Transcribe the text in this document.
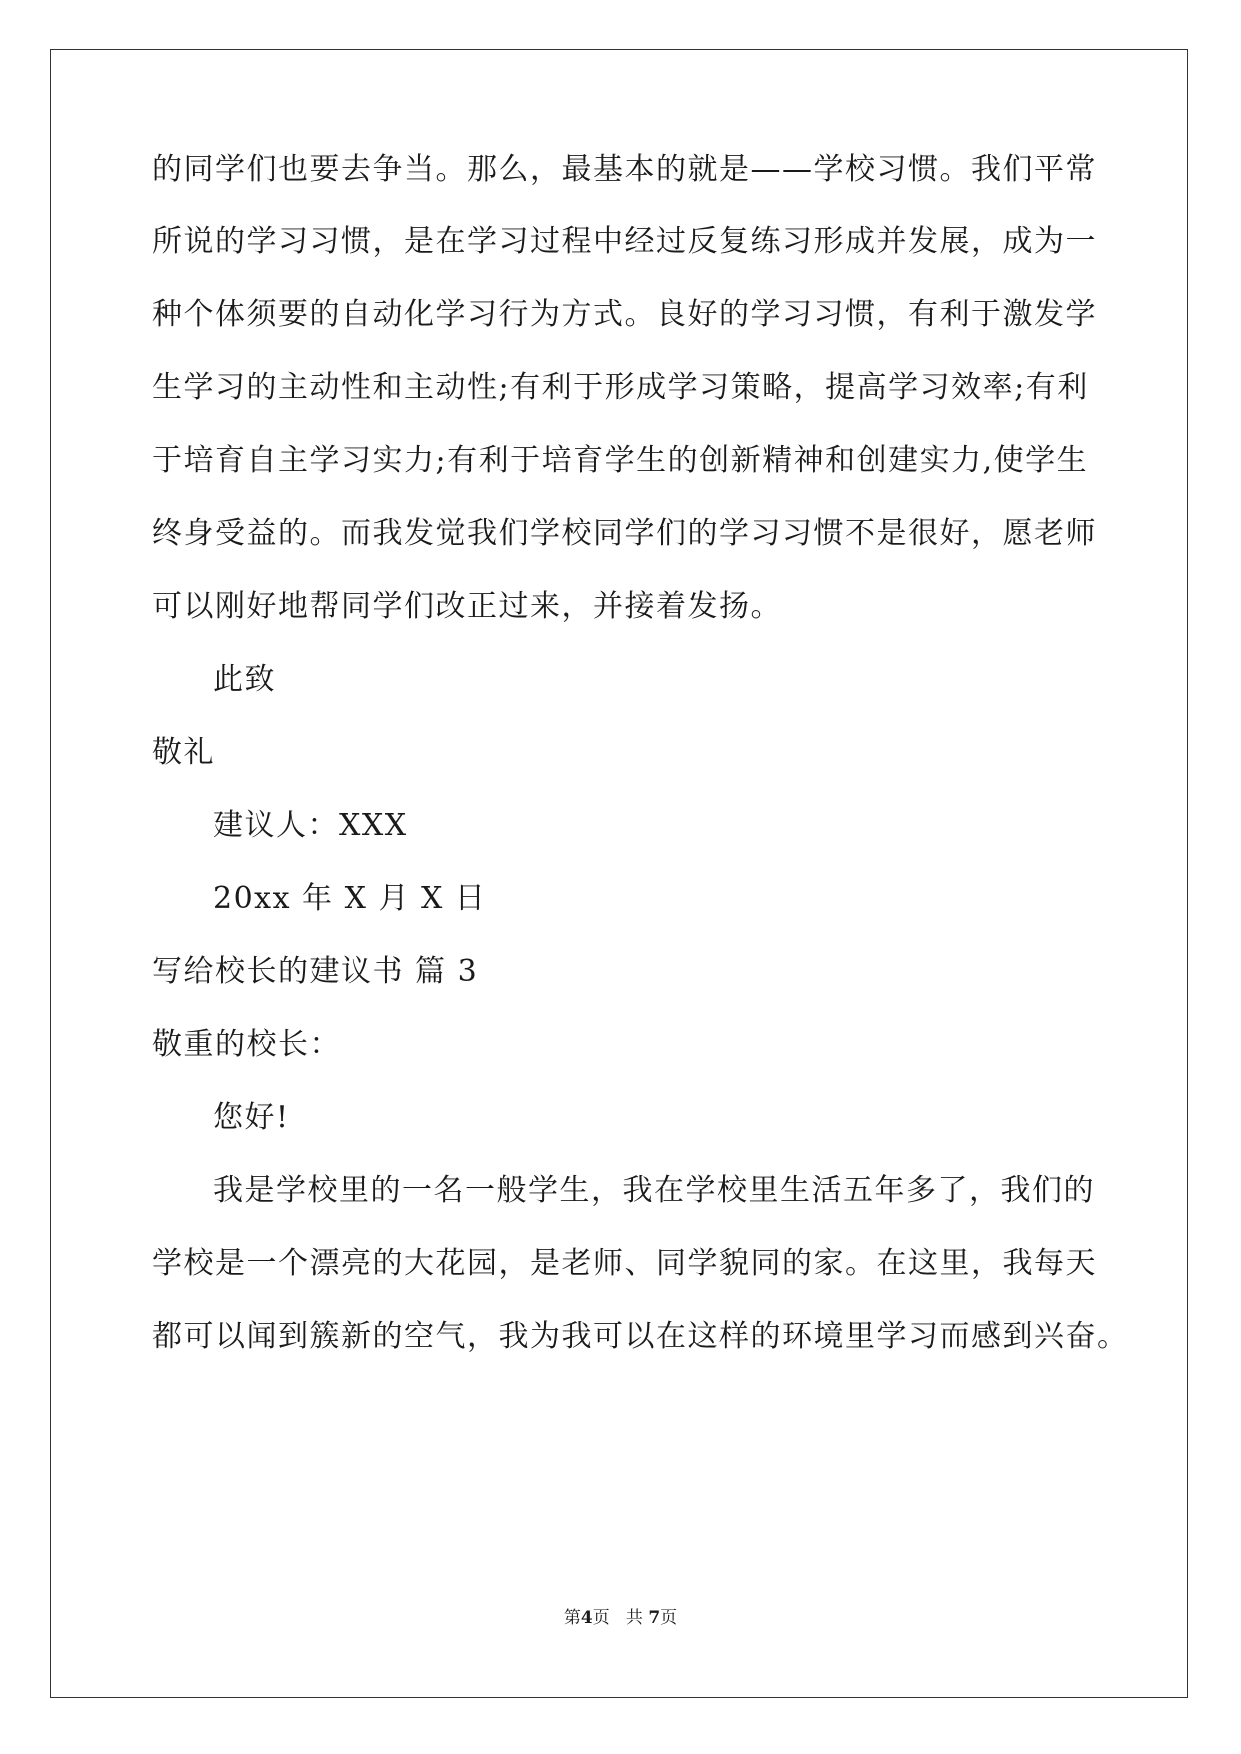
的同学们也要去争当。那么，最基本的就是——学校习惯。我们平常
所说的学习习惯，是在学习过程中经过反复练习形成并发展，成为一
种个体须要的自动化学习行为方式。良好的学习习惯，有利于激发学
生学习的主动性和主动性;有利于形成学习策略，提高学习效率;有利
于培育自主学习实力;有利于培育学生的创新精神和创建实力,使学生
终身受益的。而我发觉我们学校同学们的学习习惯不是很好，愿老师
可以刚好地帮同学们改正过来，并接着发扬。
此致
敬礼
建议人：XXX
20xx 年 X 月 X 日
写给校长的建议书 篇 3
敬重的校长：
您好!
我是学校里的一名一般学生，我在学校里生活五年多了，我们的
学校是一个漂亮的大花园，是老师、同学貌同的家。在这里，我每天
都可以闻到簇新的空气，我为我可以在这样的环境里学习而感到兴奋。
第4页 共 7页
